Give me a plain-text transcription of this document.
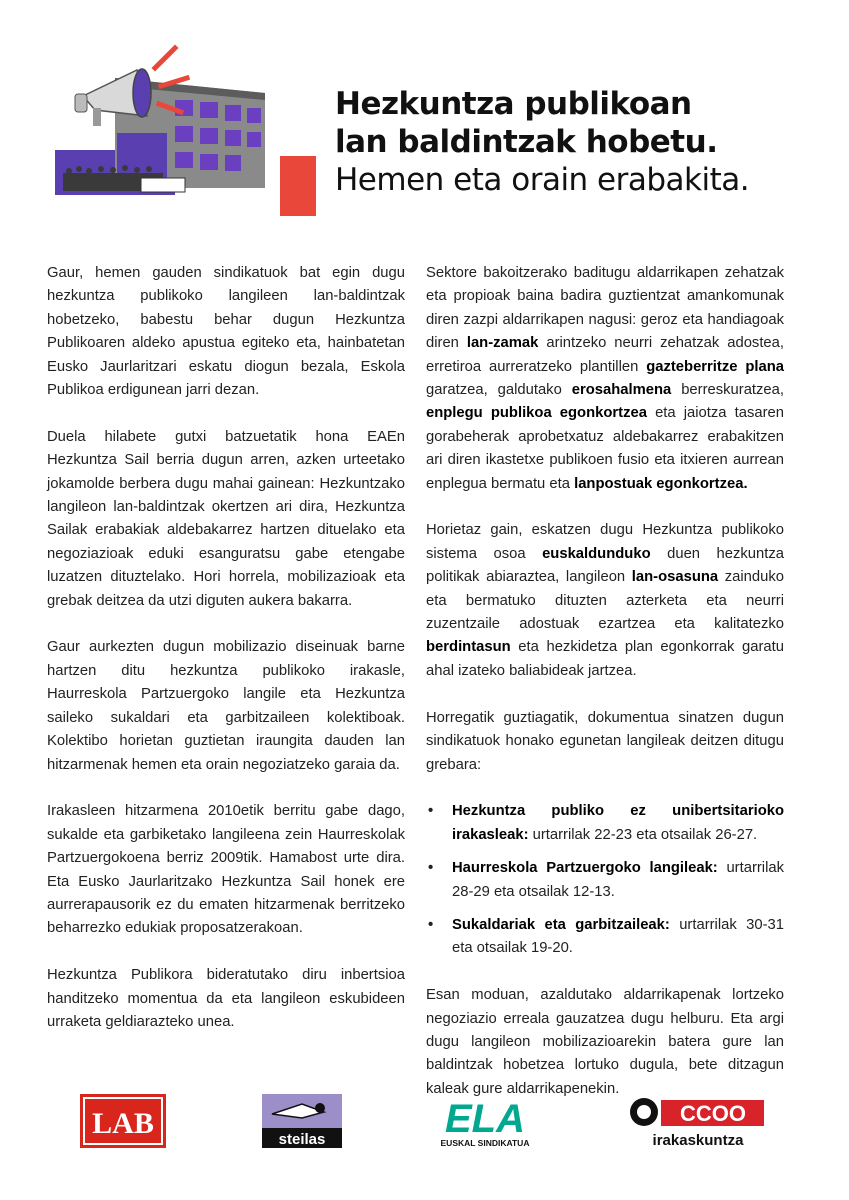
Hezkuntza publikoan
lan baldintzak hobetu.
Hemen eta orain erabakita.

Gaur, hemen gauden sindikatuok bat egin dugu hezkuntza publikoko langileen lan-baldintzak hobetzeko, babestu behar dugun Hezkuntza Publikoaren aldeko apustua egiteko eta, hainbatetan Eusko Jaurlaritzari eskatu diogun bezala, Eskola Publikoa erdigunean jarri dezan.

Duela hilabete gutxi batzuetatik hona EAEn Hezkuntza Sail berria dugun arren, azken urteetako jokamolde berbera dugu mahai gainean: Hezkuntzako langileon lan-baldintzak okertzen ari dira, Hezkuntza Sailak erabakiak aldebakarrez hartzen dituelako eta negoziazioak eduki esanguratsu gabe etengabe luzatzen dituztelako. Hori horrela, mobilizazioak eta grebak deitzea da utzi diguten aukera bakarra.

Gaur aurkezten dugun mobilizazio diseinuak barne hartzen ditu hezkuntza publikoko irakasle, Haurreskola Partzuergoko langile eta Hezkuntza saileko sukaldari eta garbitzaileen kolektiboak. Kolektibo horietan guztietan iraungita dauden lan hitzarmenak hemen eta orain negoziatzeko garaia da.

Irakasleen hitzarmena 2010etik berritu gabe dago, sukalde eta garbiketako langileena zein Haurreskolak Partzuergokoena berriz 2009tik. Hamabost urte dira. Eta Eusko Jaurlaritzako Hezkuntza Sail honek ere aurrerapausorik ez du ematen hitzarmenak berritzeko beharrezko edukiak proposatzerakoan.

Hezkuntza Publikora bideratutako diru inbertsioa handitzeko momentua da eta langileon eskubideen urraketa geldiarazteko unea.

Sektore bakoitzerako baditugu aldarrikapen zehatzak eta propioak baina badira guztientzat amankomunak diren zazpi aldarrikapen nagusi: geroz eta handiagoak diren lan-zamak arintzeko neurri zehatzak adostea, erretiroa aurreratzeko plantillen gazteberritze plana garatzea, galdutako erosahalmena berreskuratzea, enplegu publikoa egonkortzea eta jaiotza tasaren gorabeherak aprobetxatuz aldebakarrez erabakitzen ari diren ikastetxe publikoen fusio eta itxieren aurrean enplegua bermatu eta lanpostuak egonkortzea.

Horietaz gain, eskatzen dugu Hezkuntza publikoko sistema osoa euskaldunduko duen hezkuntza politikak abiaraztea, langileon lan-osasuna zainduko eta bermatuko dituzten azterketa eta neurri zuzentzaile adostuak ezartzea eta kalitatezko berdintasun eta hezkidetza plan egonkorrak garatu ahal izateko baliabideak jartzea.

Horregatik guztiagatik, dokumentua sinatzen dugun sindikatuok honako egunetan langileak deitzen ditugu grebara:

• Hezkuntza publiko ez unibertsitarioko irakasleak: urtarrilak 22-23 eta otsailak 26-27.
• Haurreskola Partzuergoko langileak: urtarrilak 28-29 eta otsailak 12-13.
• Sukaldariak eta garbitzaileak: urtarrilak 30-31 eta otsailak 19-20.

Esan moduan, azaldutako aldarrikapenak lortzeko negoziazio erreala gauzatzea dugu helburu. Eta argi dugu langileon mobilizazioarekin batera gure lan baldintzak hobetzea lortuko dugula, bete ditzagun kaleak gure aldarrikapenekin.

LAB	steilas	ELA
EUSKAL SINDIKATUA
CCOO
irakaskuntza
